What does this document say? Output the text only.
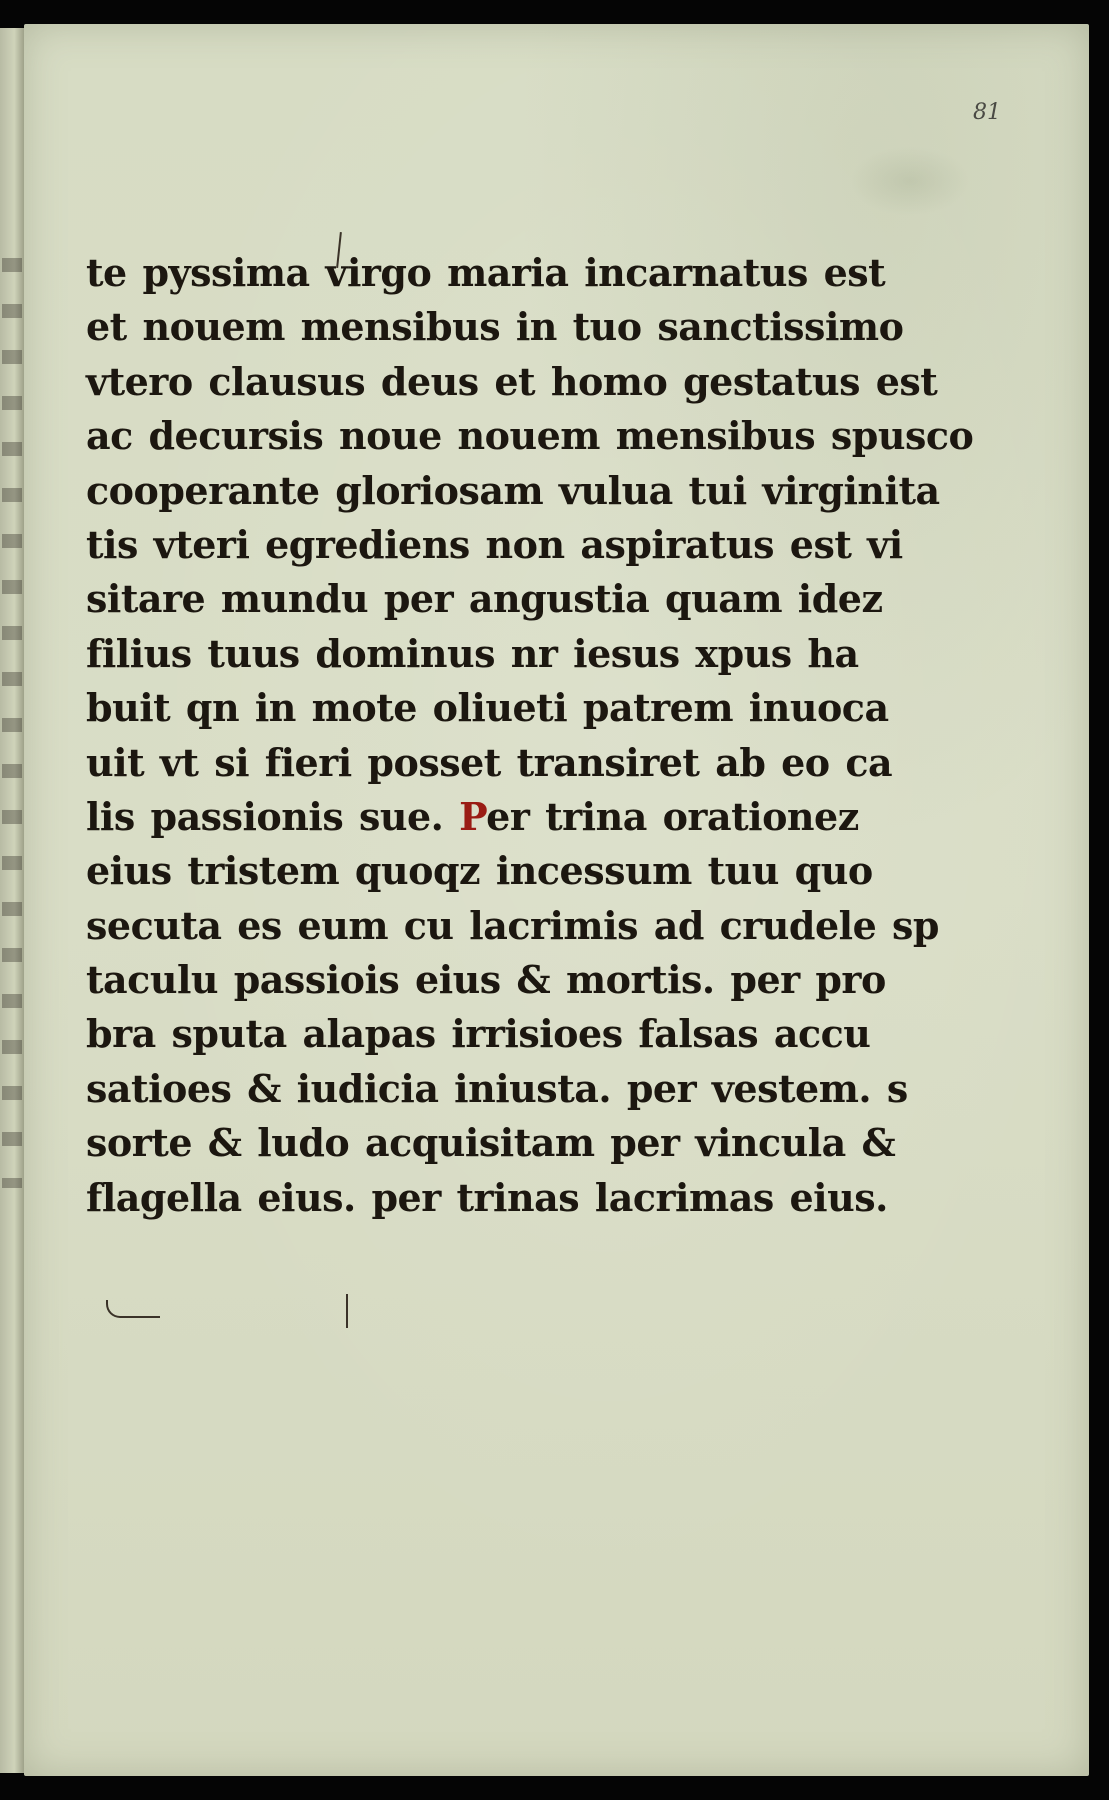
81
te pyssima virgo maria incarnatus est
et nouem mensibus in tuo sanctissimo
vtero clausus deus et homo gestatus est
ac decursis noue nouem mensibus spusco
cooperante gloriosam vulua tui virginita
tis vteri egrediens non aspiratus est vi
sitare mundu per angustia quam idez
filius tuus dominus nr iesus xpus ha
buit qn in mote oliueti patrem inuoca
uit vt si fieri posset transiret ab eo ca
lis passionis sue. Per trina orationez
eius tristem quoqz incessum tuu quo
secuta es eum cu lacrimis ad crudele sp
taculu passiois eius & mortis. per pro
bra sputa alapas irrisioes falsas accu
satioes & iudicia iniusta. per vestem. s
sorte & ludo acquisitam per vincula &
flagella eius. per trinas lacrimas eius.
